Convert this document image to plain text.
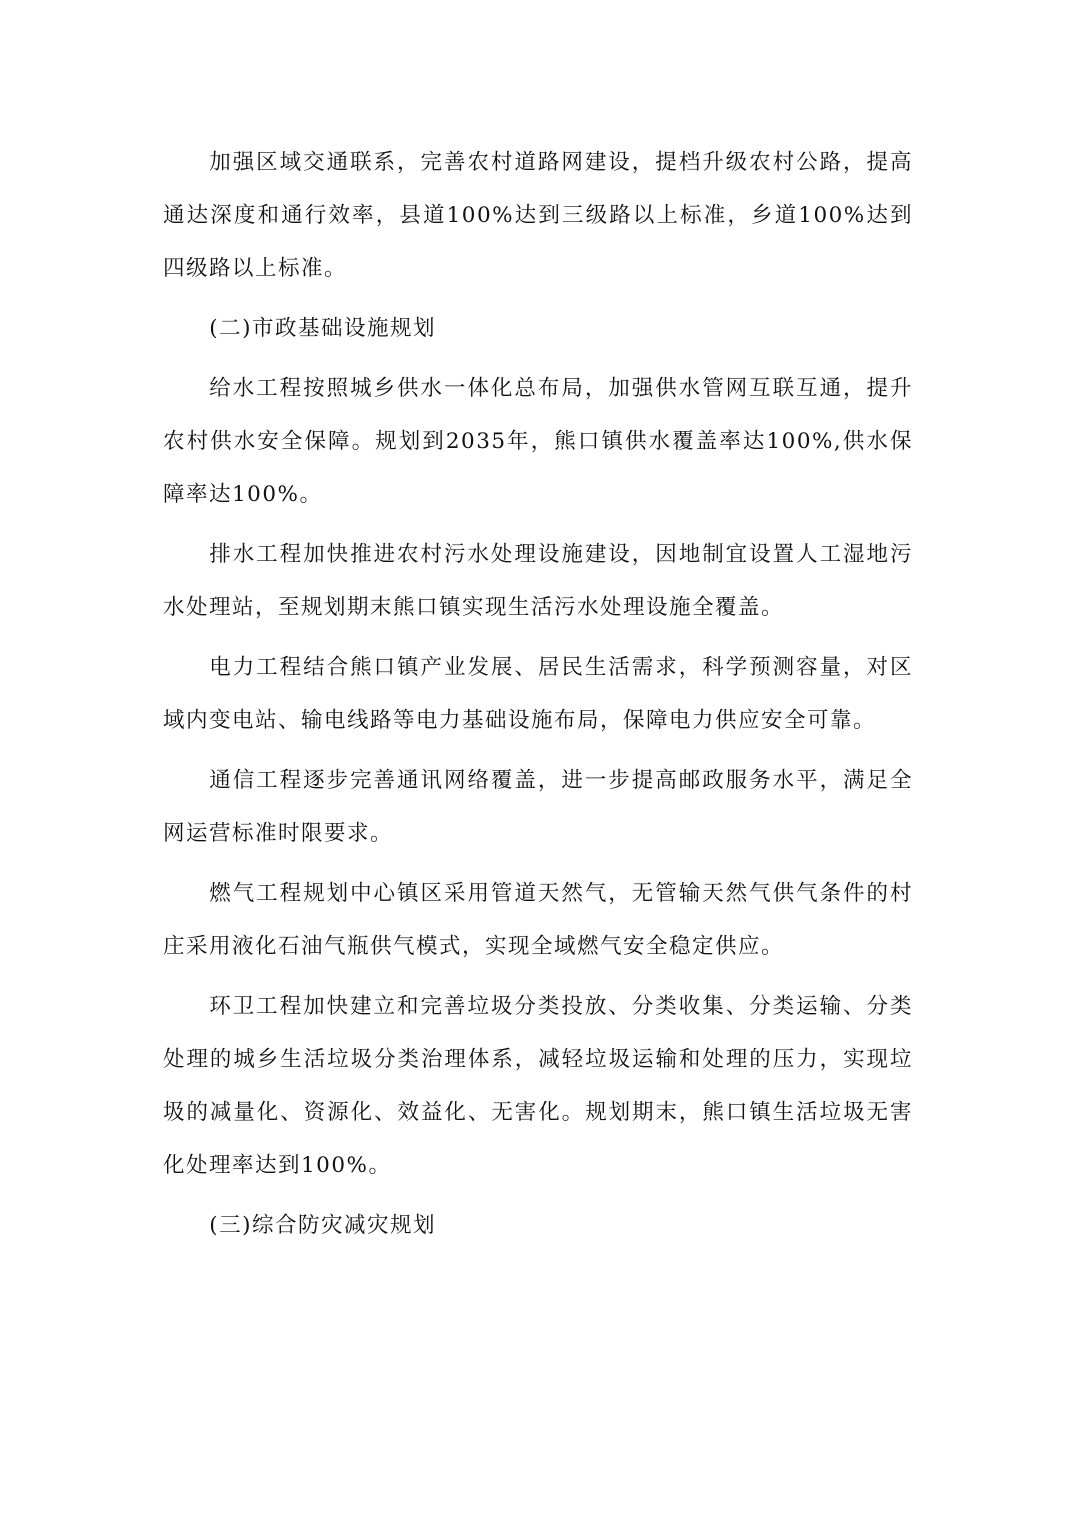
加强区域交通联系，完善农村道路网建设，提档升级农村公路，提高通达深度和通行效率，县道100%达到三级路以上标准，乡道100%达到四级路以上标准。

(二)市政基础设施规划

给水工程按照城乡供水一体化总布局，加强供水管网互联互通，提升农村供水安全保障。规划到2035年，熊口镇供水覆盖率达100%,供水保障率达100%。

排水工程加快推进农村污水处理设施建设，因地制宜设置人工湿地污水处理站，至规划期末熊口镇实现生活污水处理设施全覆盖。

电力工程结合熊口镇产业发展、居民生活需求，科学预测容量，对区域内变电站、输电线路等电力基础设施布局，保障电力供应安全可靠。

通信工程逐步完善通讯网络覆盖，进一步提高邮政服务水平，满足全网运营标准时限要求。

燃气工程规划中心镇区采用管道天然气，无管输天然气供气条件的村庄采用液化石油气瓶供气模式，实现全域燃气安全稳定供应。

环卫工程加快建立和完善垃圾分类投放、分类收集、分类运输、分类处理的城乡生活垃圾分类治理体系，减轻垃圾运输和处理的压力，实现垃圾的减量化、资源化、效益化、无害化。规划期末，熊口镇生活垃圾无害化处理率达到100%。

(三)综合防灾减灾规划
